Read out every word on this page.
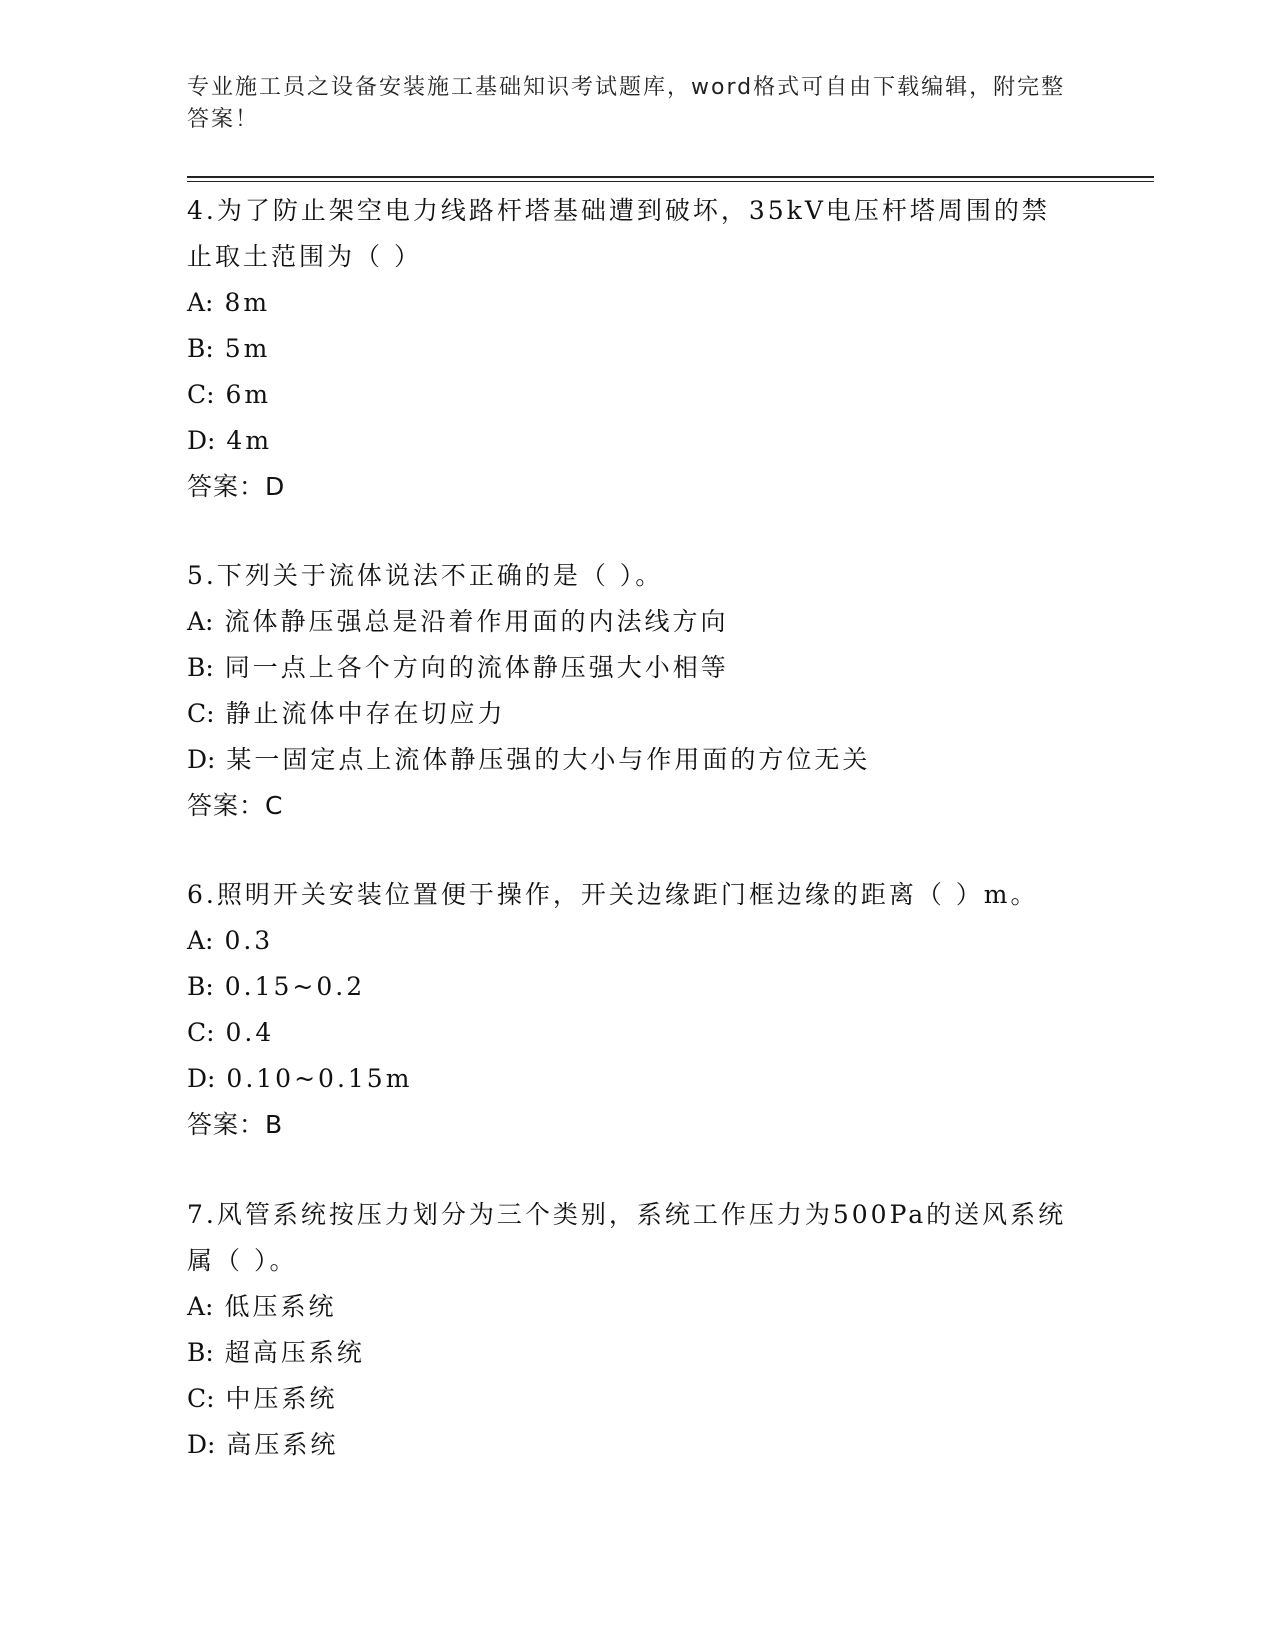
专业施工员之设备安装施工基础知识考试题库，word格式可自由下载编辑，附完整答案！

4.为了防止架空电力线路杆塔基础遭到破坏，35kV电压杆塔周围的禁止取土范围为（ ）

A: 8m

B: 5m

C: 6m

D: 4m

答案：D

5.下列关于流体说法不正确的是（ ）。

A: 流体静压强总是沿着作用面的内法线方向

B: 同一点上各个方向的流体静压强大小相等

C: 静止流体中存在切应力

D: 某一固定点上流体静压强的大小与作用面的方位无关

答案：C

6.照明开关安装位置便于操作，开关边缘距门框边缘的距离（ ）m。

A: 0.3

B: 0.15~0.2

C: 0.4

D: 0.10~0.15m

答案：B

7.风管系统按压力划分为三个类别，系统工作压力为500Pa的送风系统属（ ）。

A: 低压系统

B: 超高压系统

C: 中压系统

D: 高压系统
